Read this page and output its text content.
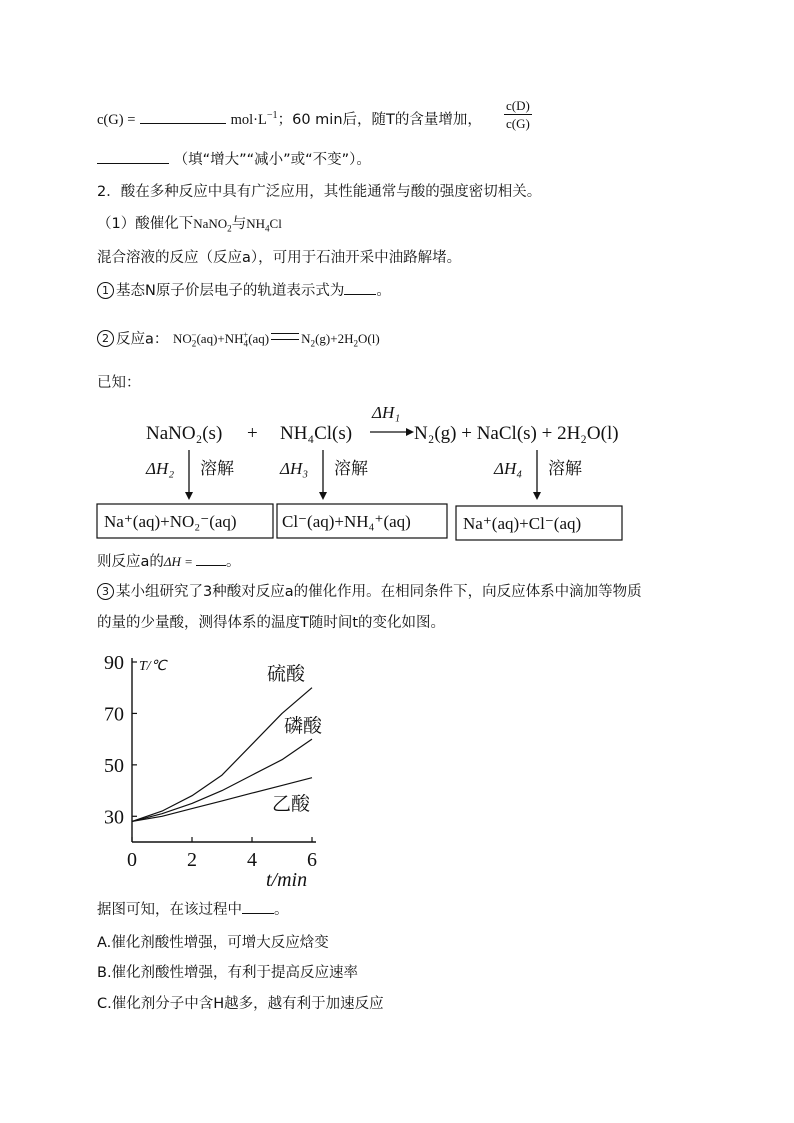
c(G) =	$mol\cdot L^{-1}$；60 min后，随T的含量增加， $\frac{c(D)}{c(G)}$
（填“增大”“减小”或“不变”）。
2．酸在多种反应中具有广泛应用，其性能通常与酸的强度密切相关。
（1）酸催化下NaNO$_2$与$NH_4Cl$
混合溶液的反应（反应a），可用于石油开采中油路解堵。
1 基态N原子价层电子的轨道表示式为 。
2 反应a： $NO_2^-(aq)+NH_4^+(aq)$ $N_2(g)+2H_2O(l)$
已知：
NaNO₂(s) + NH₄Cl(s)	N₂(g) + NaCl(s) + 2H₂O(l)
ΔH₁
ΔH₂	ΔH₃	ΔH₄
溶解	溶解	溶解
Na⁺(aq)+NO₂⁻(aq)	Cl⁻(aq)+NH₄⁺(aq)	Na⁺(aq)+Cl⁻(aq)
则反应a的ΔH = 。
3 某小组研究了3种酸对反应a的催化作用。在相同条件下，向反应体系中滴加等物质
的量的少量酸，测得体系的温度T随时间t的变化如图。
0	2	4	6
30
50
70
90 T/℃
t/min
硫酸
磷酸
乙酸
据图可知，在该过程中 。
A.催化剂酸性增强，可增大反应焓变
B.催化剂酸性增强，有利于提高反应速率
C.催化剂分子中含H越多，越有利于加速反应
